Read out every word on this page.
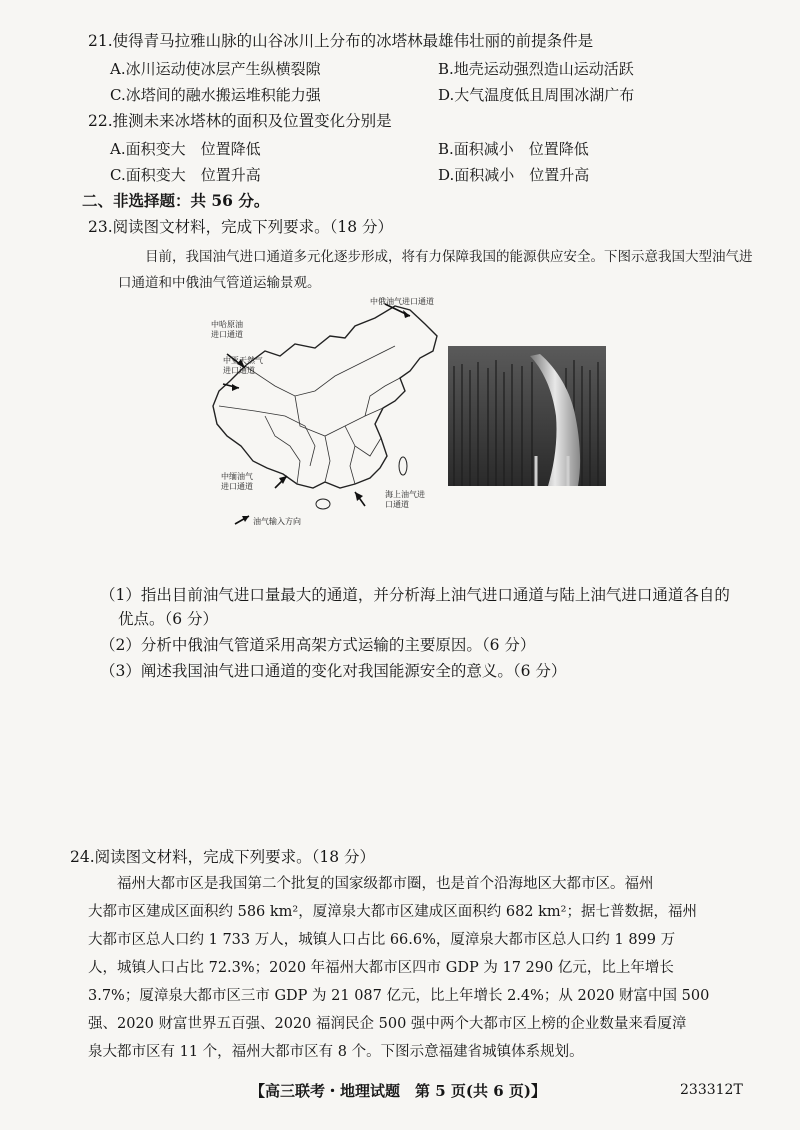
21.使得青马拉雅山脉的山谷冰川上分布的冰塔林最雄伟壮丽的前提条件是
A.冰川运动使冰层产生纵横裂隙	B.地壳运动强烈造山运动活跃
C.冰塔间的融水搬运堆积能力强	D.大气温度低且周围冰湖广布
22.推测未来冰塔林的面积及位置变化分别是
A.面积变大　位置降低	B.面积减小　位置降低
C.面积变大　位置升高	D.面积减小　位置升高
二、非选择题：共 56 分。
23.阅读图文材料，完成下列要求。（18 分）
目前，我国油气进口通道多元化逐步形成，将有力保障我国的能源供应安全。下图示意我国大型油气进口通道和中俄油气管道运输景观。
中俄油气进口通道
中哈原油进口通道
中亚天然气进口通道
中缅油气进口通道
海上油气进口通道
油气输入方向
（1）指出目前油气进口量最大的通道，并分析海上油气进口通道与陆上油气进口通道各自的
优点。（6 分）
（2）分析中俄油气管道采用高架方式运输的主要原因。（6 分）
（3）阐述我国油气进口通道的变化对我国能源安全的意义。（6 分）
24.阅读图文材料，完成下列要求。（18 分）

福州大都市区是我国第二个批复的国家级都市圈，也是首个沿海地区大都市区。福州

大都市区建成区面积约 586 km²，厦漳泉大都市区建成区面积约 682 km²；据七普数据，福州

大都市区总人口约 1 733 万人，城镇人口占比 66.6%，厦漳泉大都市区总人口约 1 899 万

人，城镇人口占比 72.3%；2020 年福州大都市区四市 GDP 为 17 290 亿元，比上年增长

3.7%；厦漳泉大都市区三市 GDP 为 21 087 亿元，比上年增长 2.4%；从 2020 财富中国 500

强、2020 财富世界五百强、2020 福润民企 500 强中两个大都市区上榜的企业数量来看厦漳

泉大都市区有 11 个，福州大都市区有 8 个。下图示意福建省城镇体系规划。

【高三联考・地理试题　第 5 页(共 6 页)】	233312T
